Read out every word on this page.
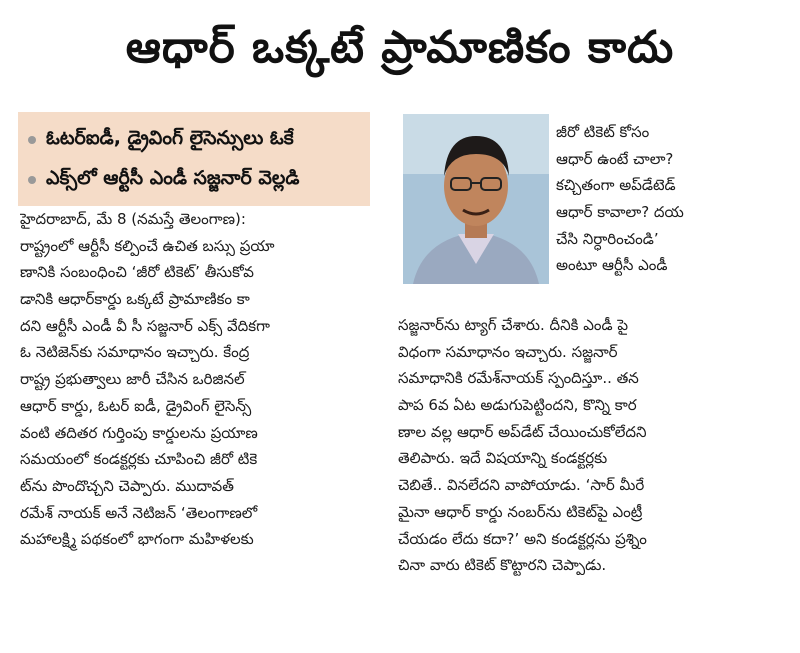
ఆధార్ ఒక్కటే ప్రామాణికం కాదు
ఓటర్‌ఐడీ, డ్రైవింగ్ లైసెన్సులు ఓకే
ఎక్స్‌లో ఆర్టీసీ ఎండీ సజ్జనార్ వెల్లడి
హైదరాబాద్, మే 8 (నమస్తే తెలంగాణ):
రాష్ట్రంలో ఆర్టీసీ కల్పించే ఉచిత బస్సు ప్రయా
ణానికి సంబంధించి ‘జీరో టికెట్’ తీసుకోవ
డానికి ఆధార్‌కార్డు ఒక్కటే ప్రామాణికం కా
దని ఆర్టీసీ ఎండీ వీ సీ సజ్జనార్ ఎక్స్ వేదికగా
ఓ నెటిజెన్‌కు సమాధానం ఇచ్చారు. కేంద్ర
రాష్ట్ర ప్రభుత్వాలు జారీ చేసిన ఒరిజినల్
ఆధార్ కార్డు, ఓటర్ ఐడీ, డ్రైవింగ్ లైసెన్స్
వంటి తదితర గుర్తింపు కార్డులను ప్రయాణ
సమయంలో కండక్టర్లకు చూపించి జీరో టికె
ట్‌ను పొందొచ్చని చెప్పారు. ముదావత్
రమేశ్ నాయక్ అనే నెటిజన్ ‘తెలంగాణలో
మహాలక్ష్మి పథకంలో భాగంగా మహిళలకు
జీరో టికెట్ కోసం
ఆధార్ ఉంటే చాలా?
కచ్చితంగా అప్‌డేటెడ్
ఆధార్ కావాలా? దయ
చేసి నిర్ధారించండి’
అంటూ ఆర్టీసీ ఎండీ
సజ్జనార్‌ను ట్యాగ్ చేశారు. దీనికి ఎండీ పై
విధంగా సమాధానం ఇచ్చారు. సజ్జనార్
సమాధానికి రమేశ్‌నాయక్ స్పందిస్తూ.. తన
పాప 6వ ఏట అడుగుపెట్టిందని, కొన్ని కార
ణాల వల్ల ఆధార్ అప్‌డేట్ చేయించుకోలేదని
తెలిపారు. ఇదే విషయాన్ని కండక్టర్లకు
చెబితే.. వినలేదని వాపోయాడు. ‘సార్ మీరే
మైనా ఆధార్ కార్డు నంబర్‌ను టికెట్‌పై ఎంట్రీ
చేయడం లేదు కదా?’ అని కండక్టర్లను ప్రశ్నిం
చినా వారు టికెట్ కొట్టారని చెప్పాడు.
